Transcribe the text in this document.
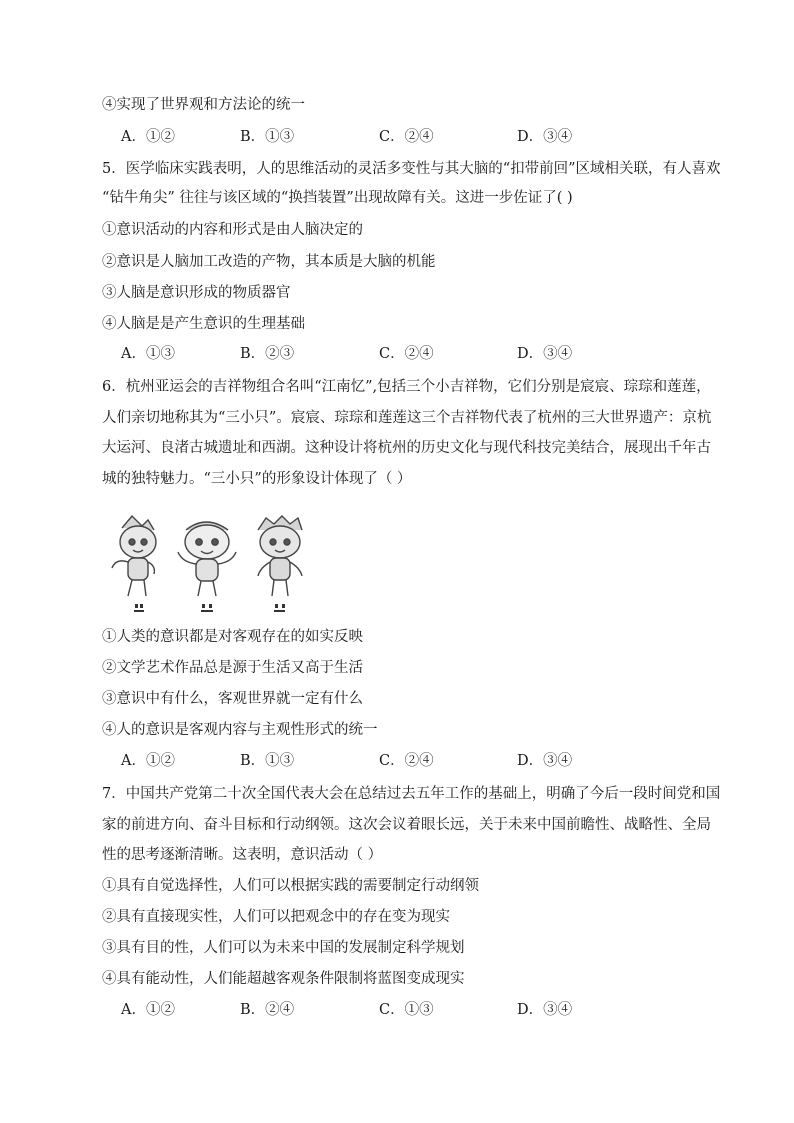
④实现了世界观和方法论的统一
A．①②	B．①③	C．②④	D．③④
5．医学临床实践表明，人的思维活动的灵活多变性与其大脑的“扣带前回”区域相关联，有人喜欢
“钻牛角尖” 往往与该区域的“换挡装置”出现故障有关。这进一步佐证了( )
①意识活动的内容和形式是由人脑决定的
②意识是人脑加工改造的产物，其本质是大脑的机能
③人脑是意识形成的物质器官
④人脑是是产生意识的生理基础
A．①③	B．②③	C．②④	D．③④
6．杭州亚运会的吉祥物组合名叫“江南忆”,包括三个小吉祥物，它们分别是宸宸、琮琮和莲莲，
人们亲切地称其为“三小只”。宸宸、琮琮和莲莲这三个吉祥物代表了杭州的三大世界遗产：京杭
大运河、良渚古城遗址和西湖。这种设计将杭州的历史文化与现代科技完美结合，展现出千年古
城的独特魅力。“三小只”的形象设计体现了（ ）
①人类的意识都是对客观存在的如实反映
②文学艺术作品总是源于生活又高于生活
③意识中有什么，客观世界就一定有什么
④人的意识是客观内容与主观性形式的统一
A．①②	B．①③	C．②④	D．③④
7．中国共产党第二十次全国代表大会在总结过去五年工作的基础上，明确了今后一段时间党和国
家的前进方向、奋斗目标和行动纲领。这次会议着眼长远，关于未来中国前瞻性、战略性、全局
性的思考逐渐清晰。这表明，意识活动（ ）
①具有自觉选择性，人们可以根据实践的需要制定行动纲领
②具有直接现实性，人们可以把观念中的存在变为现实
③具有目的性，人们可以为未来中国的发展制定科学规划
④具有能动性，人们能超越客观条件限制将蓝图变成现实
A．①②	B．②④	C．①③	D．③④
